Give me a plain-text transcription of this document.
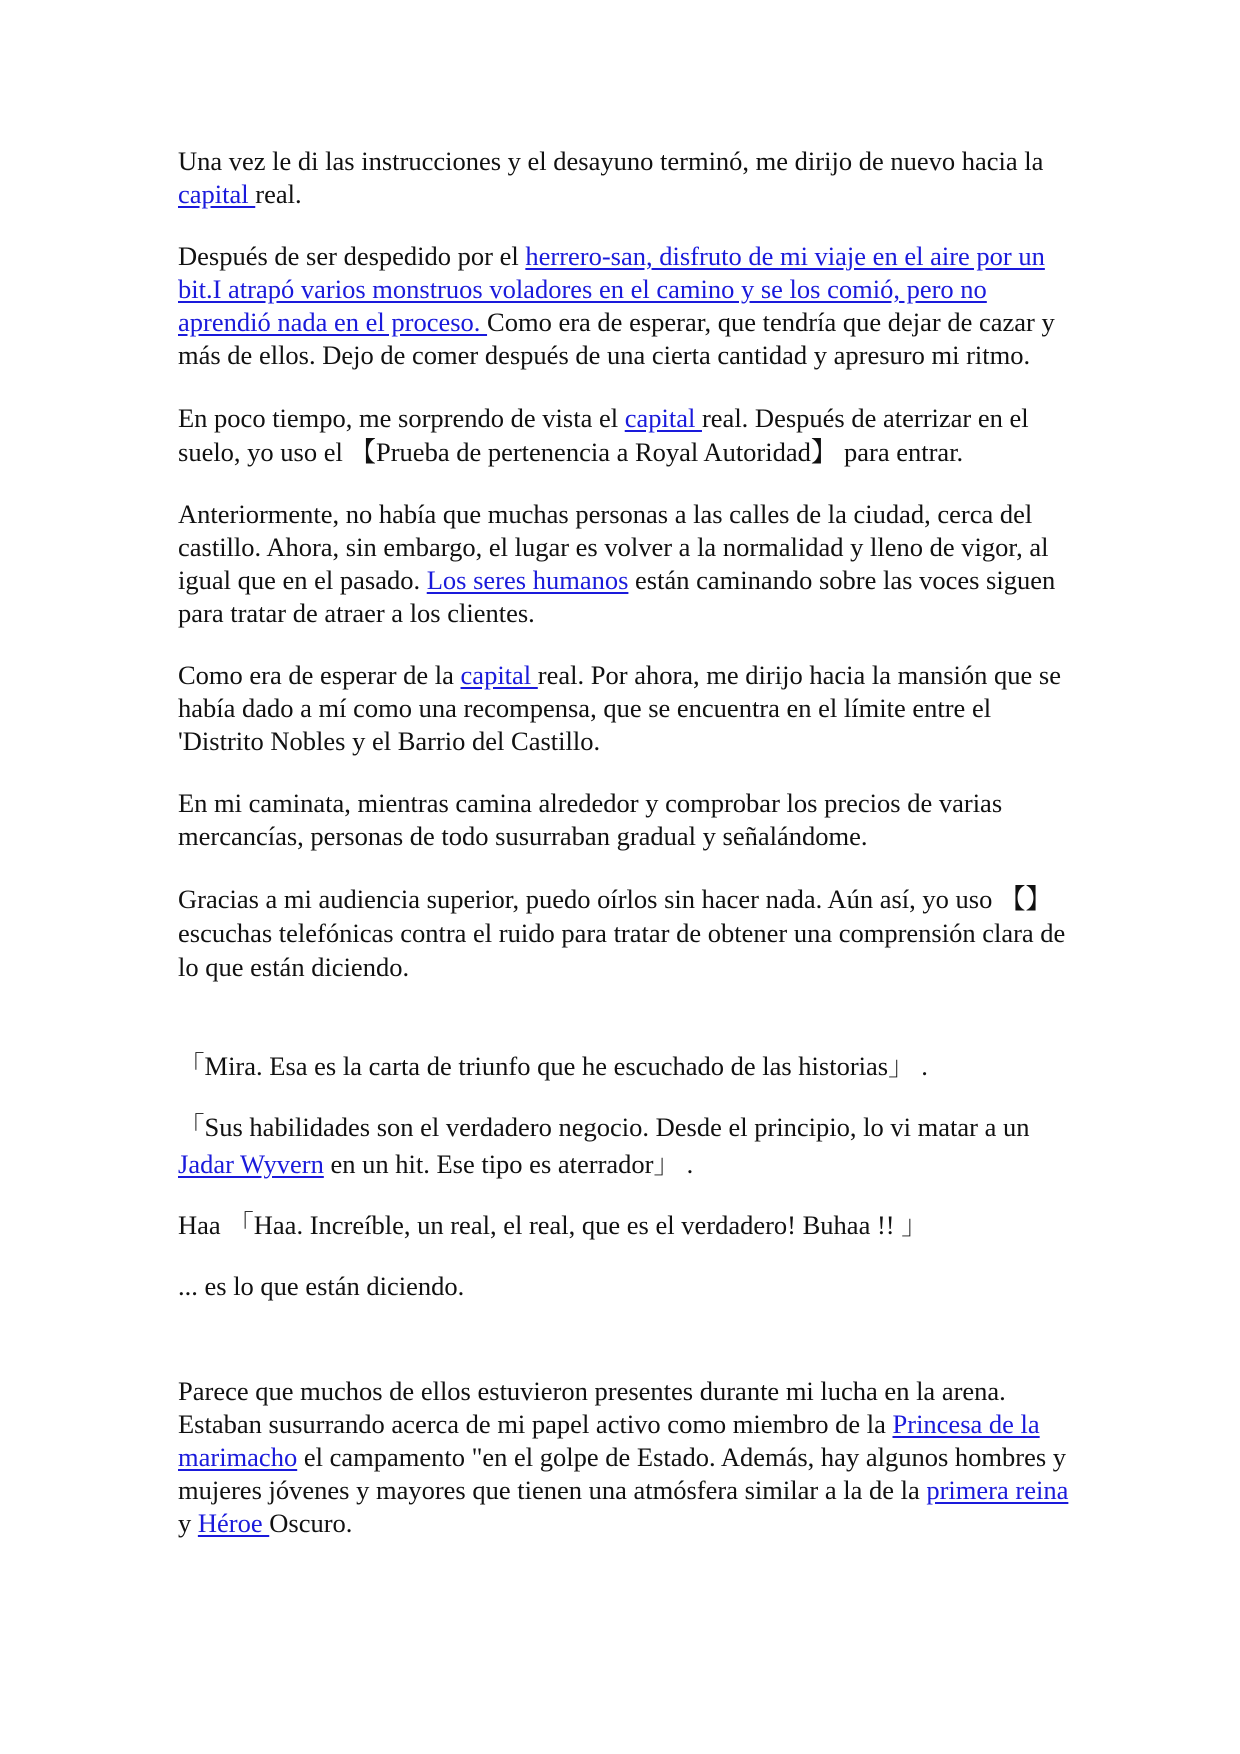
Una vez le di las instrucciones y el desayuno terminó, me dirijo de nuevo hacia la capital real.

Después de ser despedido por el herrero-san, disfruto de mi viaje en el aire por un bit.I atrapó varios monstruos voladores en el camino y se los comió, pero no aprendió nada en el proceso. Como era de esperar, que tendría que dejar de cazar y más de ellos. Dejo de comer después de una cierta cantidad y apresuro mi ritmo.

En poco tiempo, me sorprendo de vista el capital real. Después de aterrizar en el suelo, yo uso el 【Prueba de pertenencia a Royal Autoridad】 para entrar.

Anteriormente, no había que muchas personas a las calles de la ciudad, cerca del castillo. Ahora, sin embargo, el lugar es volver a la normalidad y lleno de vigor, al igual que en el pasado. Los seres humanos están caminando sobre las voces siguen para tratar de atraer a los clientes.

Como era de esperar de la capital real. Por ahora, me dirijo hacia la mansión que se había dado a mí como una recompensa, que se encuentra en el límite entre el 'Distrito Nobles y el Barrio del Castillo.

En mi caminata, mientras camina alrededor y comprobar los precios de varias mercancías, personas de todo susurraban gradual y señalándome.

Gracias a mi audiencia superior, puedo oírlos sin hacer nada. Aún así, yo uso 【】 escuchas telefónicas contra el ruido para tratar de obtener una comprensión clara de lo que están diciendo.

「Mira. Esa es la carta de triunfo que he escuchado de las historias」 .

「Sus habilidades son el verdadero negocio. Desde el principio, lo vi matar a un Jadar Wyvern en un hit. Ese tipo es aterrador」 .

Haa 「Haa. Increíble, un real, el real, que es el verdadero! Buhaa !! 」

... es lo que están diciendo.

Parece que muchos de ellos estuvieron presentes durante mi lucha en la arena. Estaban susurrando acerca de mi papel activo como miembro de la Princesa de la marimacho el campamento "en el golpe de Estado. Además, hay algunos hombres y mujeres jóvenes y mayores que tienen una atmósfera similar a la de la primera reina y Héroe Oscuro.
